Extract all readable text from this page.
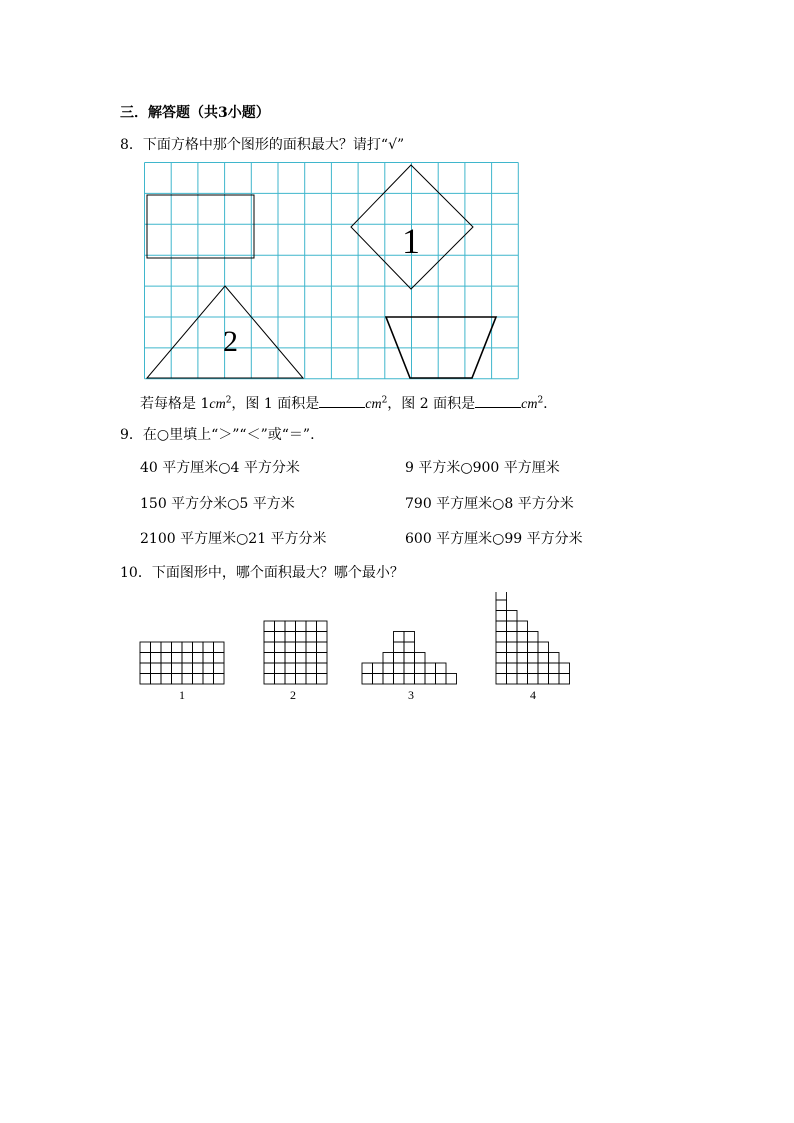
三．解答题（共3小题）
8．下面方格中那个图形的面积最大？请打“√”
1
2
若每格是 $1cm^2$，图 1 面积是	$cm^2$，图 2 面积是	$cm^2$.
9．在○里填上“＞”“＜”或“＝”.
40 平方厘米○4 平方分米	9 平方米○900 平方厘米
150 平方分米○5 平方米	790 平方厘米○8 平方分米
2100 平方厘米○21 平方分米	600 平方厘米○99 平方分米
10．下面图形中，哪个面积最大？哪个最小？
1	2	3	4
